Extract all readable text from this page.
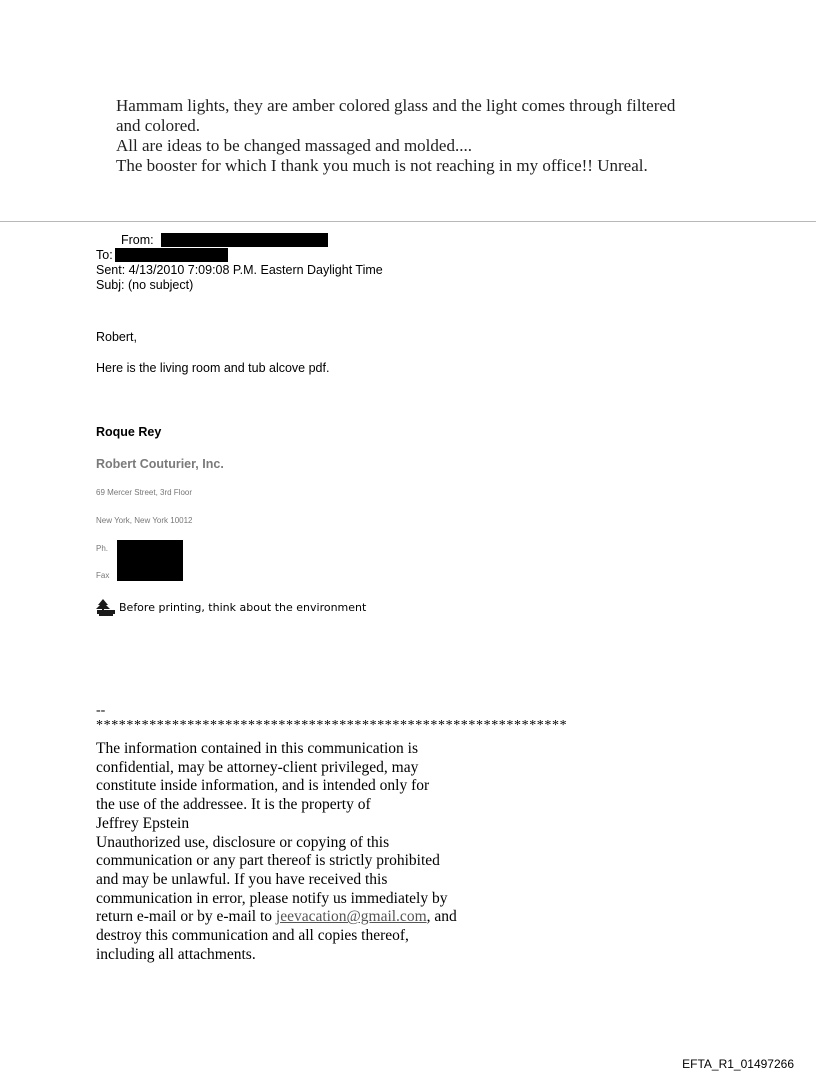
Hammam lights, they are amber colored glass and the light comes through filtered
and colored.
All are ideas to be changed massaged and molded....
The booster for which I thank you much is not reaching in my office!! Unreal.
From:
To:
Sent: 4/13/2010 7:09:08 P.M. Eastern Daylight Time
Subj: (no subject)
Robert,
Here is the living room and tub alcove pdf.
Roque Rey
Robert Couturier, Inc.
69 Mercer Street, 3rd Floor
New York, New York 10012
Ph.
Fax
Before printing, think about the environment
--
**************************************************************
The information contained in this communication is
confidential, may be attorney-client privileged, may
constitute inside information, and is intended only for
the use of the addressee. It is the property of
Jeffrey Epstein
Unauthorized use, disclosure or copying of this
communication or any part thereof is strictly prohibited
and may be unlawful. If you have received this
communication in error, please notify us immediately by
return e-mail or by e-mail to jeevacation@gmail.com, and
destroy this communication and all copies thereof,
including all attachments.
EFTA_R1_01497266
